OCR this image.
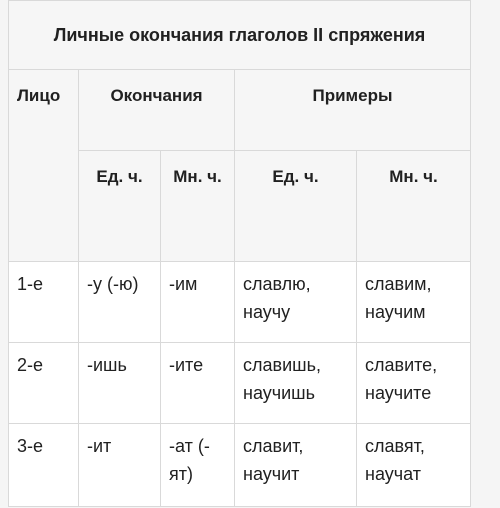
Личные окончания глаголов II спряжения				
Лицо	Окончания		Примеры	
	Ед. ч.	Мн. ч.	Ед. ч.	Мн. ч.
1-е	-у (-ю)	-им	славлю, научу	славим, научим
2-е	-ишь	-ите	славишь, научишь	славите, научите
3-е	-ит	-ат (-ят)	славит, научит	славят, научат
